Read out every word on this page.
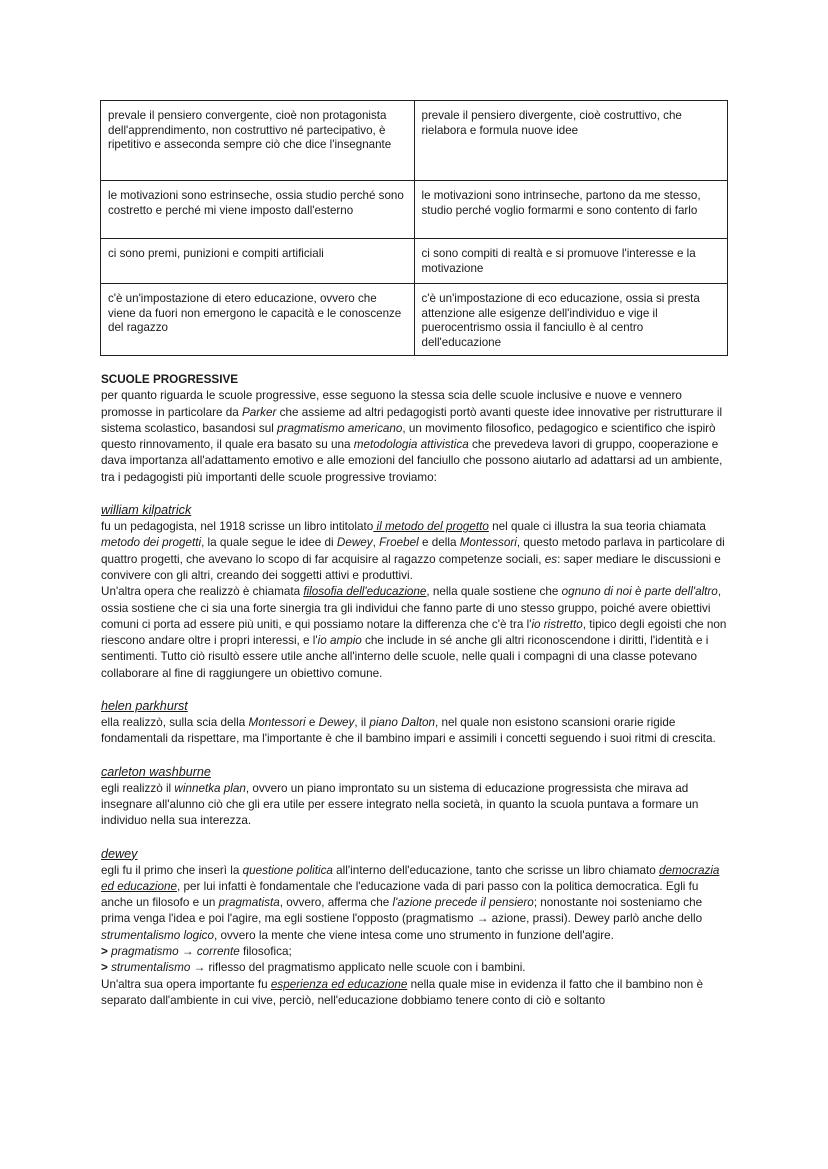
prevale il pensiero convergente, cioè non protagonista dell'apprendimento, non costruttivo né partecipativo, è ripetitivo e asseconda sempre ciò che dice l'insegnante	prevale il pensiero divergente, cioè costruttivo, che rielabora e formula nuove idee
le motivazioni sono estrinseche, ossia studio perché sono costretto e perché mi viene imposto dall'esterno	le motivazioni sono intrinseche, partono da me stesso, studio perché voglio formarmi e sono contento di farlo
ci sono premi, punizioni e compiti artificiali	ci sono compiti di realtà e si promuove l'interesse e la motivazione
c'è un'impostazione di etero educazione, ovvero che viene da fuori non emergono le capacità e le conoscenze del ragazzo	c'è un'impostazione di eco educazione, ossia si presta attenzione alle esigenze dell'individuo e vige il puerocentrismo ossia il fanciullo è al centro dell'educazione

SCUOLE PROGRESSIVE

per quanto riguarda le scuole progressive, esse seguono la stessa scia delle scuole inclusive e nuove e vennero promosse in particolare da Parker che assieme ad altri pedagogisti portò avanti queste idee innovative per ristrutturare il sistema scolastico, basandosi sul pragmatismo americano, un movimento filosofico, pedagogico e scientifico che ispirò questo rinnovamento, il quale era basato su una metodologia attivistica che prevedeva lavori di gruppo, cooperazione e dava importanza all'adattamento emotivo e alle emozioni del fanciullo che possono aiutarlo ad adattarsi ad un ambiente, tra i pedagogisti più importanti delle scuole progressive troviamo:

william kilpatrick

fu un pedagogista, nel 1918 scrisse un libro intitolato il metodo del progetto nel quale ci illustra la sua teoria chiamata metodo dei progetti, la quale segue le idee di Dewey, Froebel e della Montessori, questo metodo parlava in particolare di quattro progetti, che avevano lo scopo di far acquisire al ragazzo competenze sociali, es: saper mediare le discussioni e convivere con gli altri, creando dei soggetti attivi e produttivi.

Un'altra opera che realizzò è chiamata filosofia dell'educazione, nella quale sostiene che ognuno di noi è parte dell'altro, ossia sostiene che ci sia una forte sinergia tra gli individui che fanno parte di uno stesso gruppo, poiché avere obiettivi comuni ci porta ad essere più uniti, e qui possiamo notare la differenza che c'è tra l'io ristretto, tipico degli egoisti che non riescono andare oltre i propri interessi, e l'io ampio che include in sé anche gli altri riconoscendone i diritti, l'identità e i sentimenti. Tutto ciò risultò essere utile anche all'interno delle scuole, nelle quali i compagni di una classe potevano collaborare al fine di raggiungere un obiettivo comune.

helen parkhurst

ella realizzò, sulla scia della Montessori e Dewey, il piano Dalton, nel quale non esistono scansioni orarie rigide fondamentali da rispettare, ma l'importante è che il bambino impari e assimili i concetti seguendo i suoi ritmi di crescita.

carleton washburne

egli realizzò il winnetka plan, ovvero un piano improntato su un sistema di educazione progressista che mirava ad insegnare all'alunno ciò che gli era utile per essere integrato nella società, in quanto la scuola puntava a formare un individuo nella sua interezza.

dewey

egli fu il primo che inserì la questione politica all'interno dell'educazione, tanto che scrisse un libro chiamato democrazia ed educazione, per lui infatti è fondamentale che l'educazione vada di pari passo con la politica democratica. Egli fu anche un filosofo e un pragmatista, ovvero, afferma che l'azione precede il pensiero; nonostante noi sosteniamo che prima venga l'idea e poi l'agire, ma egli sostiene l'opposto (pragmatismo → azione, prassi). Dewey parlò anche dello strumentalismo logico, ovvero la mente che viene intesa come uno strumento in funzione dell'agire.

> pragmatismo → corrente filosofica;

> strumentalismo → riflesso del pragmatismo applicato nelle scuole con i bambini.

Un'altra sua opera importante fu esperienza ed educazione nella quale mise in evidenza il fatto che il bambino non è separato dall'ambiente in cui vive, perciò, nell'educazione dobbiamo tenere conto di ciò e soltanto
